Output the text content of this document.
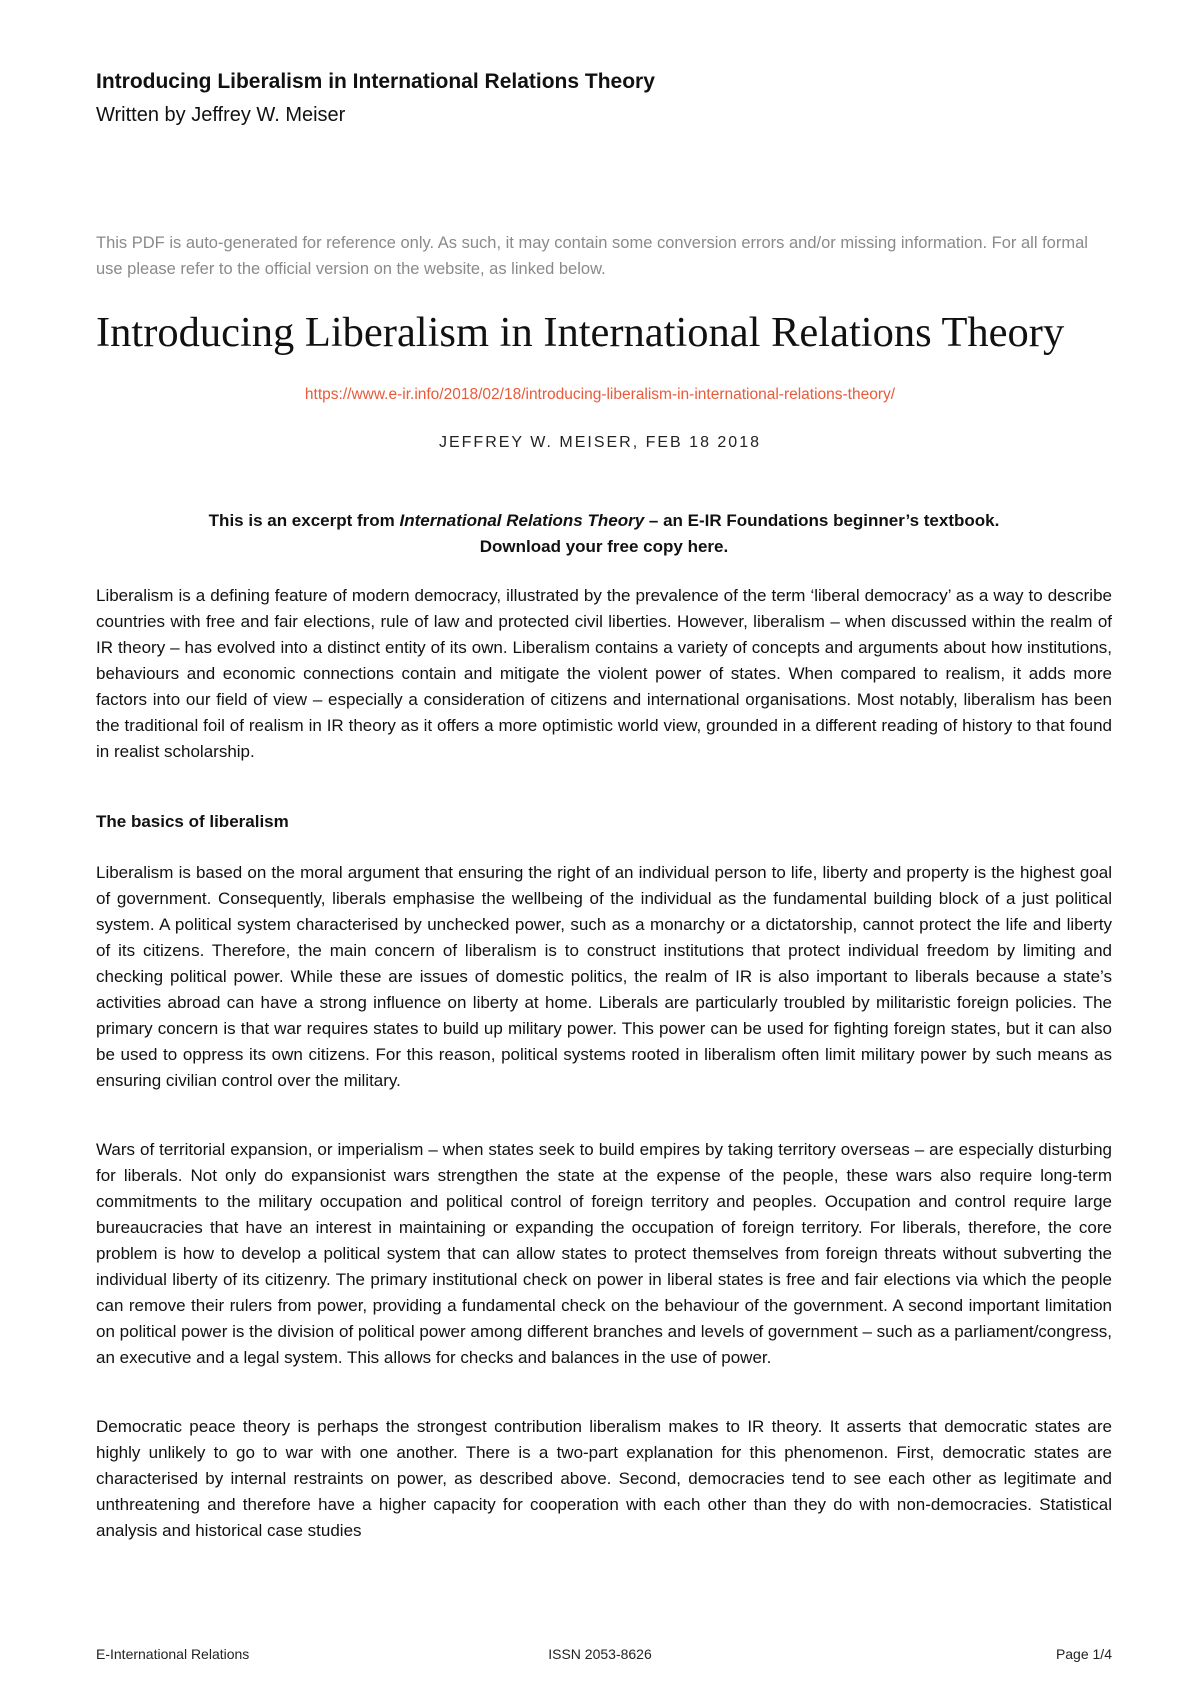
Introducing Liberalism in International Relations Theory
Written by Jeffrey W. Meiser
This PDF is auto-generated for reference only. As such, it may contain some conversion errors and/or missing information. For all formal use please refer to the official version on the website, as linked below.
Introducing Liberalism in International Relations Theory
https://www.e-ir.info/2018/02/18/introducing-liberalism-in-international-relations-theory/
JEFFREY W. MEISER, FEB 18 2018
This is an excerpt from International Relations Theory – an E-IR Foundations beginner’s textbook.
Download your free copy here.

Liberalism is a defining feature of modern democracy, illustrated by the prevalence of the term ‘liberal democracy’ as a way to describe countries with free and fair elections, rule of law and protected civil liberties. However, liberalism – when discussed within the realm of IR theory – has evolved into a distinct entity of its own. Liberalism contains a variety of concepts and arguments about how institutions, behaviours and economic connections contain and mitigate the violent power of states. When compared to realism, it adds more factors into our field of view – especially a consideration of citizens and international organisations. Most notably, liberalism has been the traditional foil of realism in IR theory as it offers a more optimistic world view, grounded in a different reading of history to that found in realist scholarship.

The basics of liberalism

Liberalism is based on the moral argument that ensuring the right of an individual person to life, liberty and property is the highest goal of government. Consequently, liberals emphasise the wellbeing of the individual as the fundamental building block of a just political system. A political system characterised by unchecked power, such as a monarchy or a dictatorship, cannot protect the life and liberty of its citizens. Therefore, the main concern of liberalism is to construct institutions that protect individual freedom by limiting and checking political power. While these are issues of domestic politics, the realm of IR is also important to liberals because a state’s activities abroad can have a strong influence on liberty at home. Liberals are particularly troubled by militaristic foreign policies. The primary concern is that war requires states to build up military power. This power can be used for fighting foreign states, but it can also be used to oppress its own citizens. For this reason, political systems rooted in liberalism often limit military power by such means as ensuring civilian control over the military.

Wars of territorial expansion, or imperialism – when states seek to build empires by taking territory overseas – are especially disturbing for liberals. Not only do expansionist wars strengthen the state at the expense of the people, these wars also require long-term commitments to the military occupation and political control of foreign territory and peoples. Occupation and control require large bureaucracies that have an interest in maintaining or expanding the occupation of foreign territory. For liberals, therefore, the core problem is how to develop a political system that can allow states to protect themselves from foreign threats without subverting the individual liberty of its citizenry. The primary institutional check on power in liberal states is free and fair elections via which the people can remove their rulers from power, providing a fundamental check on the behaviour of the government. A second important limitation on political power is the division of political power among different branches and levels of government – such as a parliament/congress, an executive and a legal system. This allows for checks and balances in the use of power.

Democratic peace theory is perhaps the strongest contribution liberalism makes to IR theory. It asserts that democratic states are highly unlikely to go to war with one another. There is a two-part explanation for this phenomenon. First, democratic states are characterised by internal restraints on power, as described above. Second, democracies tend to see each other as legitimate and unthreatening and therefore have a higher capacity for cooperation with each other than they do with non-democracies. Statistical analysis and historical case studies

E-International Relations	ISSN 2053-8626	Page 1/4
